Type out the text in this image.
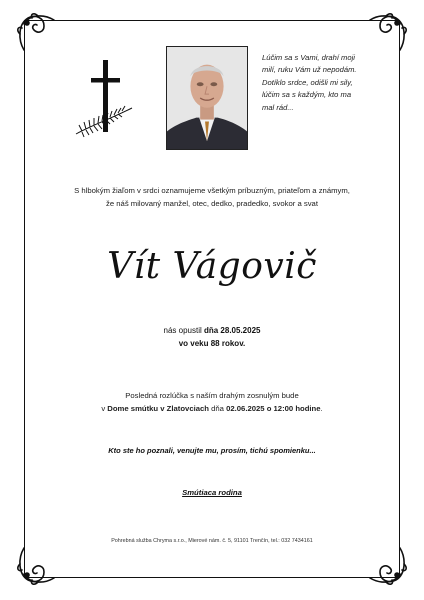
Lúčim sa s Vami, drahí moji
milí, ruku Vám už nepodám.
Dotíklo srdce, odišli mi sily,
lúčim sa s každým, kto ma
mal rád...
S hlbokým žiaľom v srdci oznamujeme všetkým príbuzným, priateľom a známym,
že náš milovaný manžel, otec, dedko, pradedko, svokor a svat
Vít Vágovič
nás opustil dňa 28.05.2025
vo veku 88 rokov.
Posledná rozlúčka s naším drahým zosnulým bude
v Dome smútku v Zlatovciach dňa 02.06.2025 o 12:00 hodine.
Kto ste ho poznali, venujte mu, prosím, tichú spomienku...
Smútiaca rodina
Pohrebná služba Chryma s.r.o., Mierové nám. č. 5, 91101 Trenčín, tel.: 032 7434161
